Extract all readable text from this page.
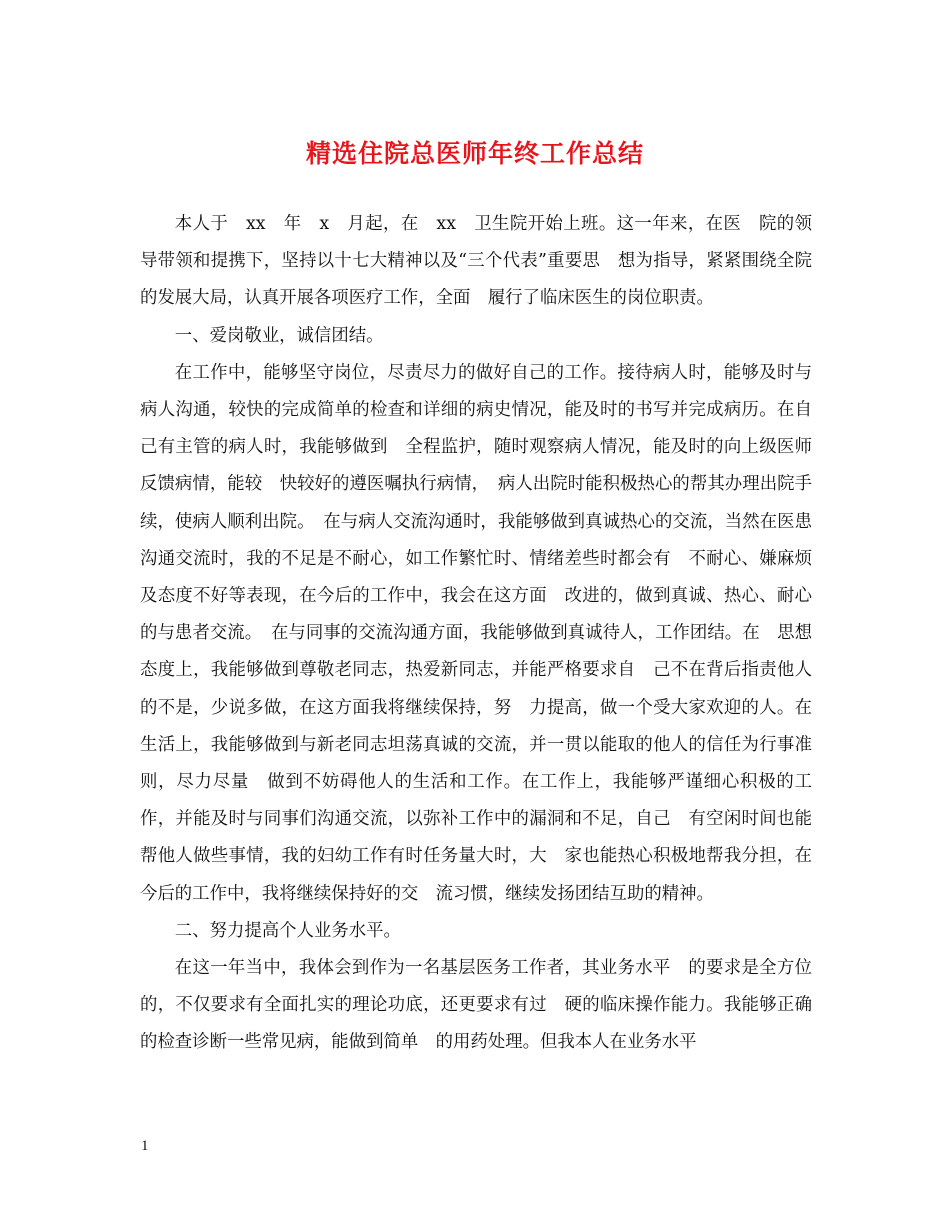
精选住院总医师年终工作总结

本人于　xx　年　x　月起，在　xx　卫生院开始上班。这一年来，在医　院的领导带领和提携下，坚持以十七大精神以及“三个代表”重要思　想为指导，紧紧围绕全院的发展大局，认真开展各项医疗工作，全面　履行了临床医生的岗位职责。

一、爱岗敬业，诚信团结。

在工作中，能够坚守岗位，尽责尽力的做好自己的工作。接待病人时，能够及时与病人沟通，较快的完成简单的检查和详细的病史情况，能及时的书写并完成病历。在自己有主管的病人时，我能够做到　全程监护，随时观察病人情况，能及时的向上级医师反馈病情，能较　快较好的遵医嘱执行病情，　病人出院时能积极热心的帮其办理出院手　续，使病人顺利出院。　在与病人交流沟通时，我能够做到真诚热心的交流，当然在医患　沟通交流时，我的不足是不耐心，如工作繁忙时、情绪差些时都会有　不耐心、嫌麻烦及态度不好等表现，在今后的工作中，我会在这方面　改进的，做到真诚、热心、耐心的与患者交流。　在与同事的交流沟通方面，我能够做到真诚待人，工作团结。在　思想态度上，我能够做到尊敬老同志，热爱新同志，并能严格要求自　己不在背后指责他人的不是，少说多做，在这方面我将继续保持，努　力提高，做一个受大家欢迎的人。在生活上，我能够做到与新老同志坦荡真诚的交流，并一贯以能取的他人的信任为行事准则，尽力尽量　做到不妨碍他人的生活和工作。在工作上，我能够严谨细心积极的工　作，并能及时与同事们沟通交流，以弥补工作中的漏洞和不足，自己　有空闲时间也能帮他人做些事情，我的妇幼工作有时任务量大时，大　家也能热心积极地帮我分担，在今后的工作中，我将继续保持好的交　流习惯，继续发扬团结互助的精神。

二、努力提高个人业务水平。

在这一年当中，我体会到作为一名基层医务工作者，其业务水平　的要求是全方位的，不仅要求有全面扎实的理论功底，还更要求有过　硬的临床操作能力。我能够正确的检查诊断一些常见病，能做到简单　的用药处理。但我本人在业务水平

1
